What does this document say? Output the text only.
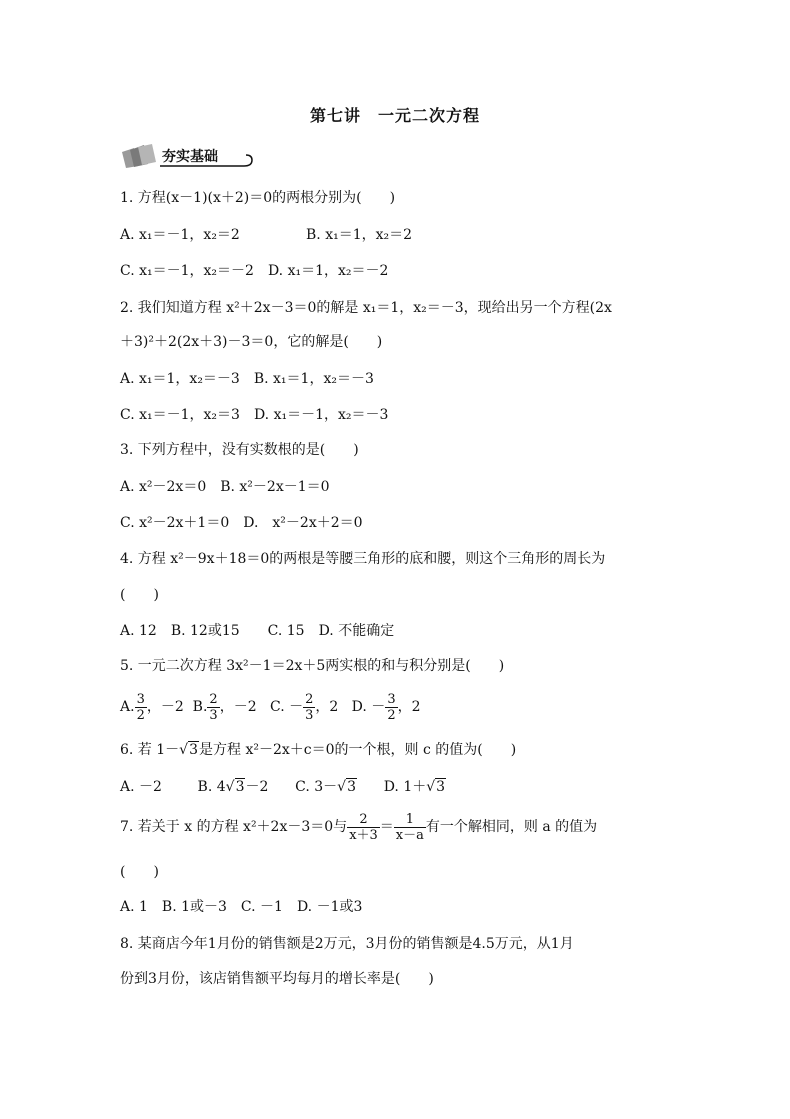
第七讲　一元二次方程
夯实基础
1. 方程(x－1)(x＋2)＝0的两根分别为(　　)
A. x₁＝－1，x₂＝2	B. x₁＝1，x₂＝2
C. x₁＝－1，x₂＝－2　D. x₁＝1，x₂＝－2
2. 我们知道方程 x²＋2x－3＝0的解是 x₁＝1，x₂＝－3，现给出另一个方程(2x
＋3)²＋2(2x＋3)－3＝0，它的解是(　　)
A. x₁＝1，x₂＝－3　B. x₁＝1，x₂＝－3
C. x₁＝－1，x₂＝3　D. x₁＝－1，x₂＝－3
3. 下列方程中，没有实数根的是(　　)
A. x²－2x＝0　B. x²－2x－1＝0
C. x²－2x＋1＝0　D.　x²－2x＋2＝0
4. 方程 x²－9x＋18＝0的两根是等腰三角形的底和腰，则这个三角形的周长为
(　　)
A. 12　B. 12或15　　C. 15　D. 不能确定
5. 一元二次方程 3x²－1＝2x＋5两实根的和与积分别是(　　)
A. $\frac{3}{2}$ ，－2 B. $\frac{2}{3}$ ，－2 C. － $\frac{2}{3}$ ，2 D. － $\frac{3}{2}$ ，2
6. 若 1－√3是方程 x²－2x＋c＝0的一个根，则 c 的值为(　　)
A. －2	B. 4√3－2 C. 3－√3 D. 1＋√3
7. 若关于 x 的方程 x²＋2x－3＝0与 $\frac{2}{x+3} = \frac{1}{x-a}$ 有一个解相同，则 a 的值为
(　　)
A. 1　B. 1或－3　C. －1　D. －1或3
8. 某商店今年1月份的销售额是2万元，3月份的销售额是4.5万元，从1月
份到3月份，该店销售额平均每月的增长率是(　　)
